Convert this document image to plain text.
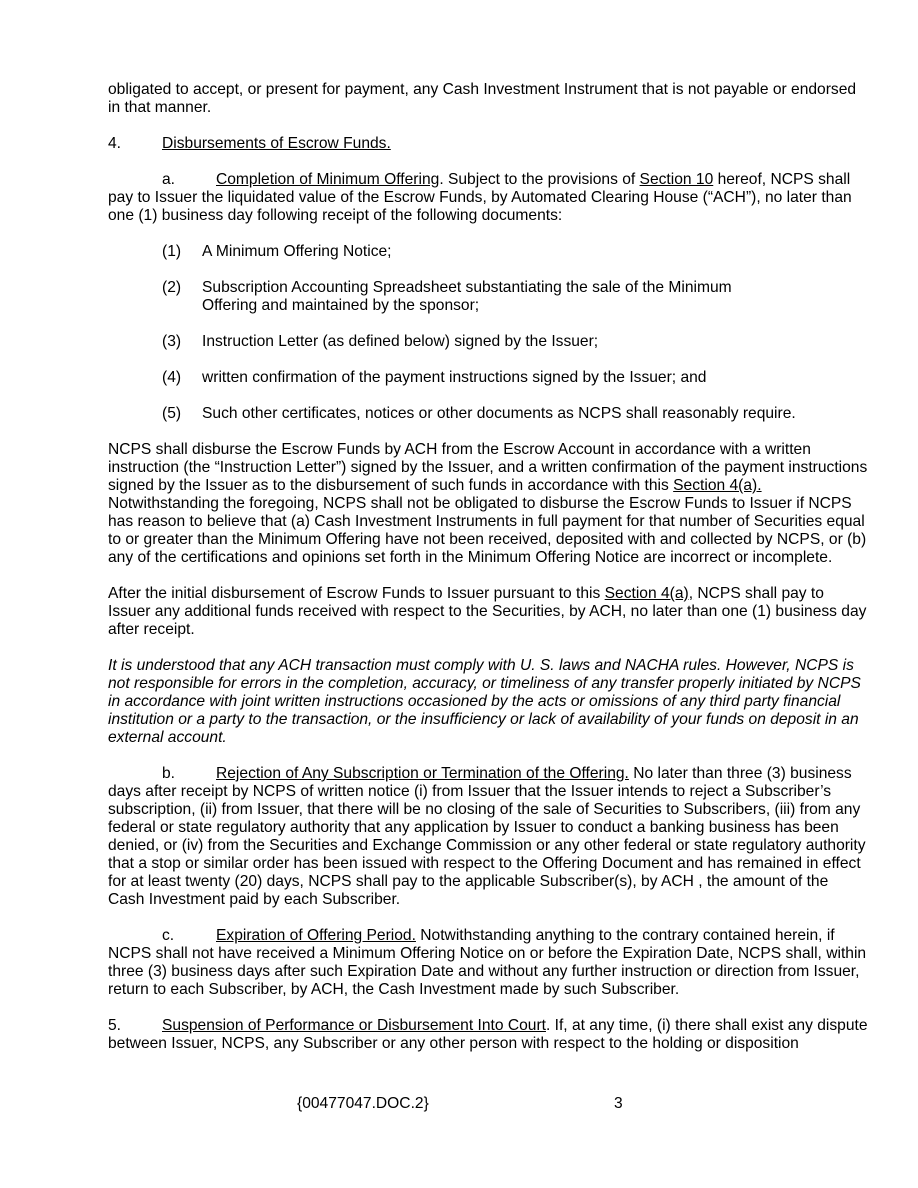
obligated to accept, or present for payment, any Cash Investment Instrument that is not payable or endorsed in that manner.

4.	Disbursements of Escrow Funds.

a.	Completion of Minimum Offering. Subject to the provisions of Section 10 hereof, NCPS shall pay to Issuer the liquidated value of the Escrow Funds, by Automated Clearing House (“ACH”), no later than one (1) business day following receipt of the following documents:

(1)	A Minimum Offering Notice;
(2)	Subscription Accounting Spreadsheet substantiating the sale of the Minimum Offering and maintained by the sponsor;
(3)	Instruction Letter (as defined below) signed by the Issuer;
(4)	written confirmation of the payment instructions signed by the Issuer; and
(5)	Such other certificates, notices or other documents as NCPS shall reasonably require.

NCPS shall disburse the Escrow Funds by ACH from the Escrow Account in accordance with a written instruction (the “Instruction Letter”) signed by the Issuer, and a written confirmation of the payment instructions signed by the Issuer as to the disbursement of such funds in accordance with this Section 4(a). Notwithstanding the foregoing, NCPS shall not be obligated to disburse the Escrow Funds to Issuer if NCPS has reason to believe that (a) Cash Investment Instruments in full payment for that number of Securities equal to or greater than the Minimum Offering have not been received, deposited with and collected by NCPS, or (b) any of the certifications and opinions set forth in the Minimum Offering Notice are incorrect or incomplete.

After the initial disbursement of Escrow Funds to Issuer pursuant to this Section 4(a), NCPS shall pay to Issuer any additional funds received with respect to the Securities, by ACH, no later than one (1) business day after receipt.

It is understood that any ACH transaction must comply with U. S. laws and NACHA rules. However, NCPS is not responsible for errors in the completion, accuracy, or timeliness of any transfer properly initiated by NCPS in accordance with joint written instructions occasioned by the acts or omissions of any third party financial institution or a party to the transaction, or the insufficiency or lack of availability of your funds on deposit in an external account.

b.	Rejection of Any Subscription or Termination of the Offering. No later than three (3) business days after receipt by NCPS of written notice (i) from Issuer that the Issuer intends to reject a Subscriber’s subscription, (ii) from Issuer, that there will be no closing of the sale of Securities to Subscribers, (iii) from any federal or state regulatory authority that any application by Issuer to conduct a banking business has been denied, or (iv) from the Securities and Exchange Commission or any other federal or state regulatory authority that a stop or similar order has been issued with respect to the Offering Document and has remained in effect for at least twenty (20) days, NCPS shall pay to the applicable Subscriber(s), by ACH , the amount of the Cash Investment paid by each Subscriber.

c.	Expiration of Offering Period. Notwithstanding anything to the contrary contained herein, if NCPS shall not have received a Minimum Offering Notice on or before the Expiration Date, NCPS shall, within three (3) business days after such Expiration Date and without any further instruction or direction from Issuer, return to each Subscriber, by ACH, the Cash Investment made by such Subscriber.

5.	Suspension of Performance or Disbursement Into Court. If, at any time, (i) there shall exist any dispute between Issuer, NCPS, any Subscriber or any other person with respect to the holding or disposition

{00477047.DOC.2}	3
